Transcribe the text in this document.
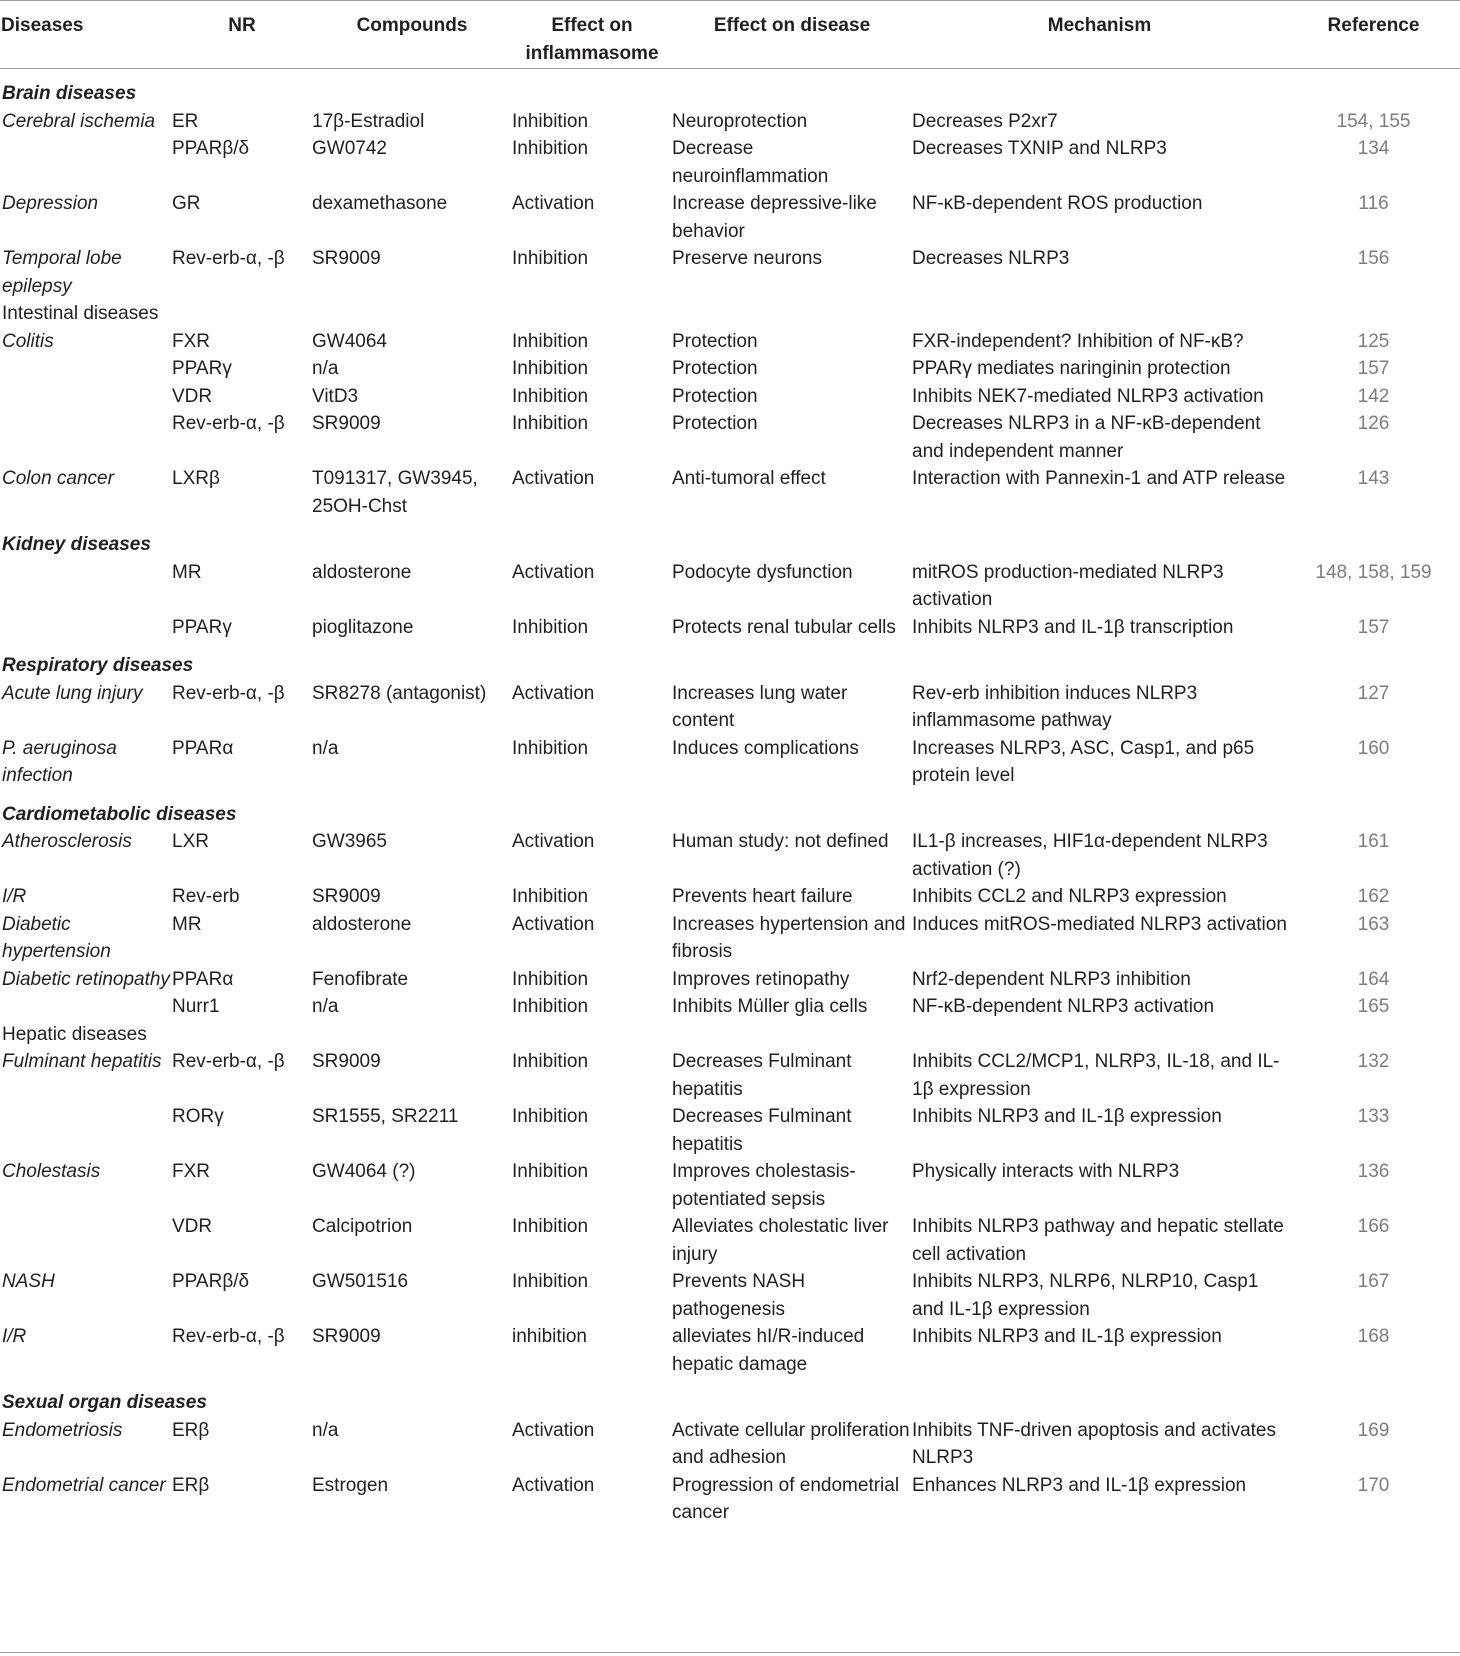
Diseases	NR	Compounds	Effect on inflammasome	Effect on disease	Mechanism	Reference
Brain diseases						
Cerebral ischemia	ER	17β-Estradiol	Inhibition	Neuroprotection	Decreases P2xr7	154, 155
	PPARβ/δ	GW0742	Inhibition	Decrease neuroinflammation	Decreases TXNIP and NLRP3	134
Depression	GR	dexamethasone	Activation	Increase depressive-like behavior	NF-κB-dependent ROS production	116
Temporal lobe epilepsy	Rev-erb-α, -β	SR9009	Inhibition	Preserve neurons	Decreases NLRP3	156
Intestinal diseases						
Colitis	FXR	GW4064	Inhibition	Protection	FXR-independent? Inhibition of NF-κB?	125
	PPARγ	n/a	Inhibition	Protection	PPARγ mediates naringinin protection	157
	VDR	VitD3	Inhibition	Protection	Inhibits NEK7-mediated NLRP3 activation	142
	Rev-erb-α, -β	SR9009	Inhibition	Protection	Decreases NLRP3 in a NF-κB-dependent and independent manner	126
Colon cancer	LXRβ	T091317, GW3945, 25OH-Chst	Activation	Anti-tumoral effect	Interaction with Pannexin-1 and ATP release	143
Kidney diseases						
	MR	aldosterone	Activation	Podocyte dysfunction	mitROS production-mediated NLRP3 activation	148, 158, 159
	PPARγ	pioglitazone	Inhibition	Protects renal tubular cells	Inhibits NLRP3 and IL-1β transcription	157
Respiratory diseases						
Acute lung injury	Rev-erb-α, -β	SR8278 (antagonist)	Activation	Increases lung water content	Rev-erb inhibition induces NLRP3 inflammasome pathway	127
P. aeruginosa infection	PPARα	n/a	Inhibition	Induces complications	Increases NLRP3, ASC, Casp1, and p65 protein level	160
Cardiometabolic diseases						
Atherosclerosis	LXR	GW3965	Activation	Human study: not defined	IL1-β increases, HIF1α-dependent NLRP3 activation (?)	161
I/R	Rev-erb	SR9009	Inhibition	Prevents heart failure	Inhibits CCL2 and NLRP3 expression	162
Diabetic hypertension	MR	aldosterone	Activation	Increases hypertension and fibrosis	Induces mitROS-mediated NLRP3 activation	163
Diabetic retinopathy	PPARα	Fenofibrate	Inhibition	Improves retinopathy	Nrf2-dependent NLRP3 inhibition	164
	Nurr1	n/a	Inhibition	Inhibits Müller glia cells	NF-κB-dependent NLRP3 activation	165
Hepatic diseases						
Fulminant hepatitis	Rev-erb-α, -β	SR9009	Inhibition	Decreases Fulminant hepatitis	Inhibits CCL2/MCP1, NLRP3, IL-18, and IL-1β expression	132
	RORγ	SR1555, SR2211	Inhibition	Decreases Fulminant hepatitis	Inhibits NLRP3 and IL-1β expression	133
Cholestasis	FXR	GW4064 (?)	Inhibition	Improves cholestasis-potentiated sepsis	Physically interacts with NLRP3	136
	VDR	Calcipotrion	Inhibition	Alleviates cholestatic liver injury	Inhibits NLRP3 pathway and hepatic stellate cell activation	166
NASH	PPARβ/δ	GW501516	Inhibition	Prevents NASH pathogenesis	Inhibits NLRP3, NLRP6, NLRP10, Casp1 and IL-1β expression	167
I/R	Rev-erb-α, -β	SR9009	inhibition	alleviates hI/R-induced hepatic damage	Inhibits NLRP3 and IL-1β expression	168
Sexual organ diseases						
Endometriosis	ERβ	n/a	Activation	Activate cellular proliferation and adhesion	Inhibits TNF-driven apoptosis and activates NLRP3	169
Endometrial cancer	ERβ	Estrogen	Activation	Progression of endometrial cancer	Enhances NLRP3 and IL-1β expression	170
